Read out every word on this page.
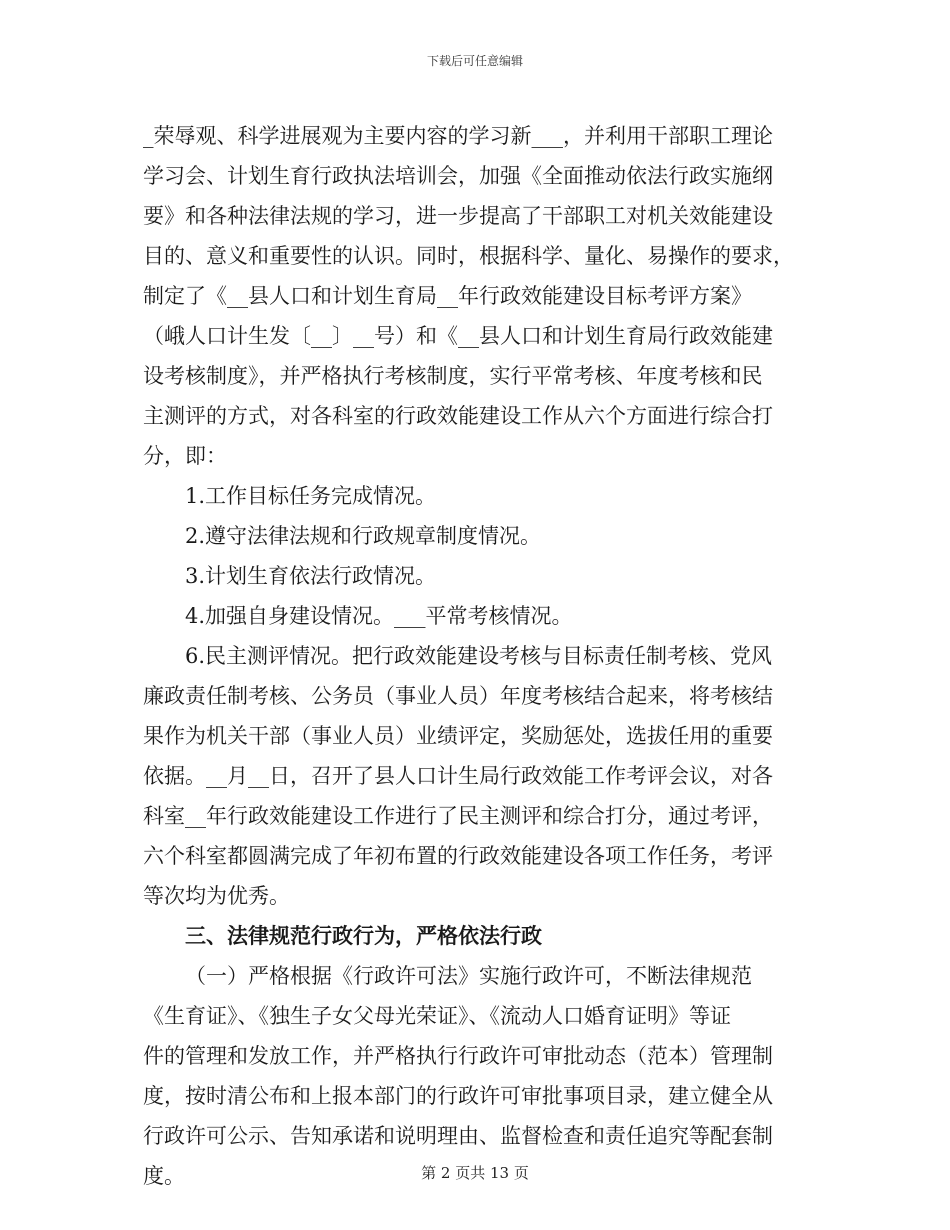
下载后可任意编辑
_荣辱观、科学进展观为主要内容的学习新___，并利用干部职工理论
学习会、计划生育行政执法培训会，加强《全面推动依法行政实施纲
要》和各种法律法规的学习，进一步提高了干部职工对机关效能建设
目的、意义和重要性的认识。同时，根据科学、量化、易操作的要求，
制定了《__县人口和计划生育局__年行政效能建设目标考评方案》
（峨人口计生发〔__〕__号）和《__县人口和计划生育局行政效能建
设考核制度》，并严格执行考核制度，实行平常考核、年度考核和民
主测评的方式，对各科室的行政效能建设工作从六个方面进行综合打
分，即：
1.工作目标任务完成情况。
2.遵守法律法规和行政规章制度情况。
3.计划生育依法行政情况。
4.加强自身建设情况。___平常考核情况。
6.民主测评情况。把行政效能建设考核与目标责任制考核、党风
廉政责任制考核、公务员（事业人员）年度考核结合起来，将考核结
果作为机关干部（事业人员）业绩评定，奖励惩处，选拔任用的重要
依据。__月__日，召开了县人口计生局行政效能工作考评会议，对各
科室__年行政效能建设工作进行了民主测评和综合打分，通过考评，
六个科室都圆满完成了年初布置的行政效能建设各项工作任务，考评
等次均为优秀。
三、法律规范行政行为，严格依法行政
（一）严格根据《行政许可法》实施行政许可，不断法律规范
《生育证》、《独生子女父母光荣证》、《流动人口婚育证明》等证
件的管理和发放工作，并严格执行行政许可审批动态（范本）管理制
度，按时清公布和上报本部门的行政许可审批事项目录，建立健全从
行政许可公示、告知承诺和说明理由、监督检查和责任追究等配套制
度。	第 2 页共 13 页
